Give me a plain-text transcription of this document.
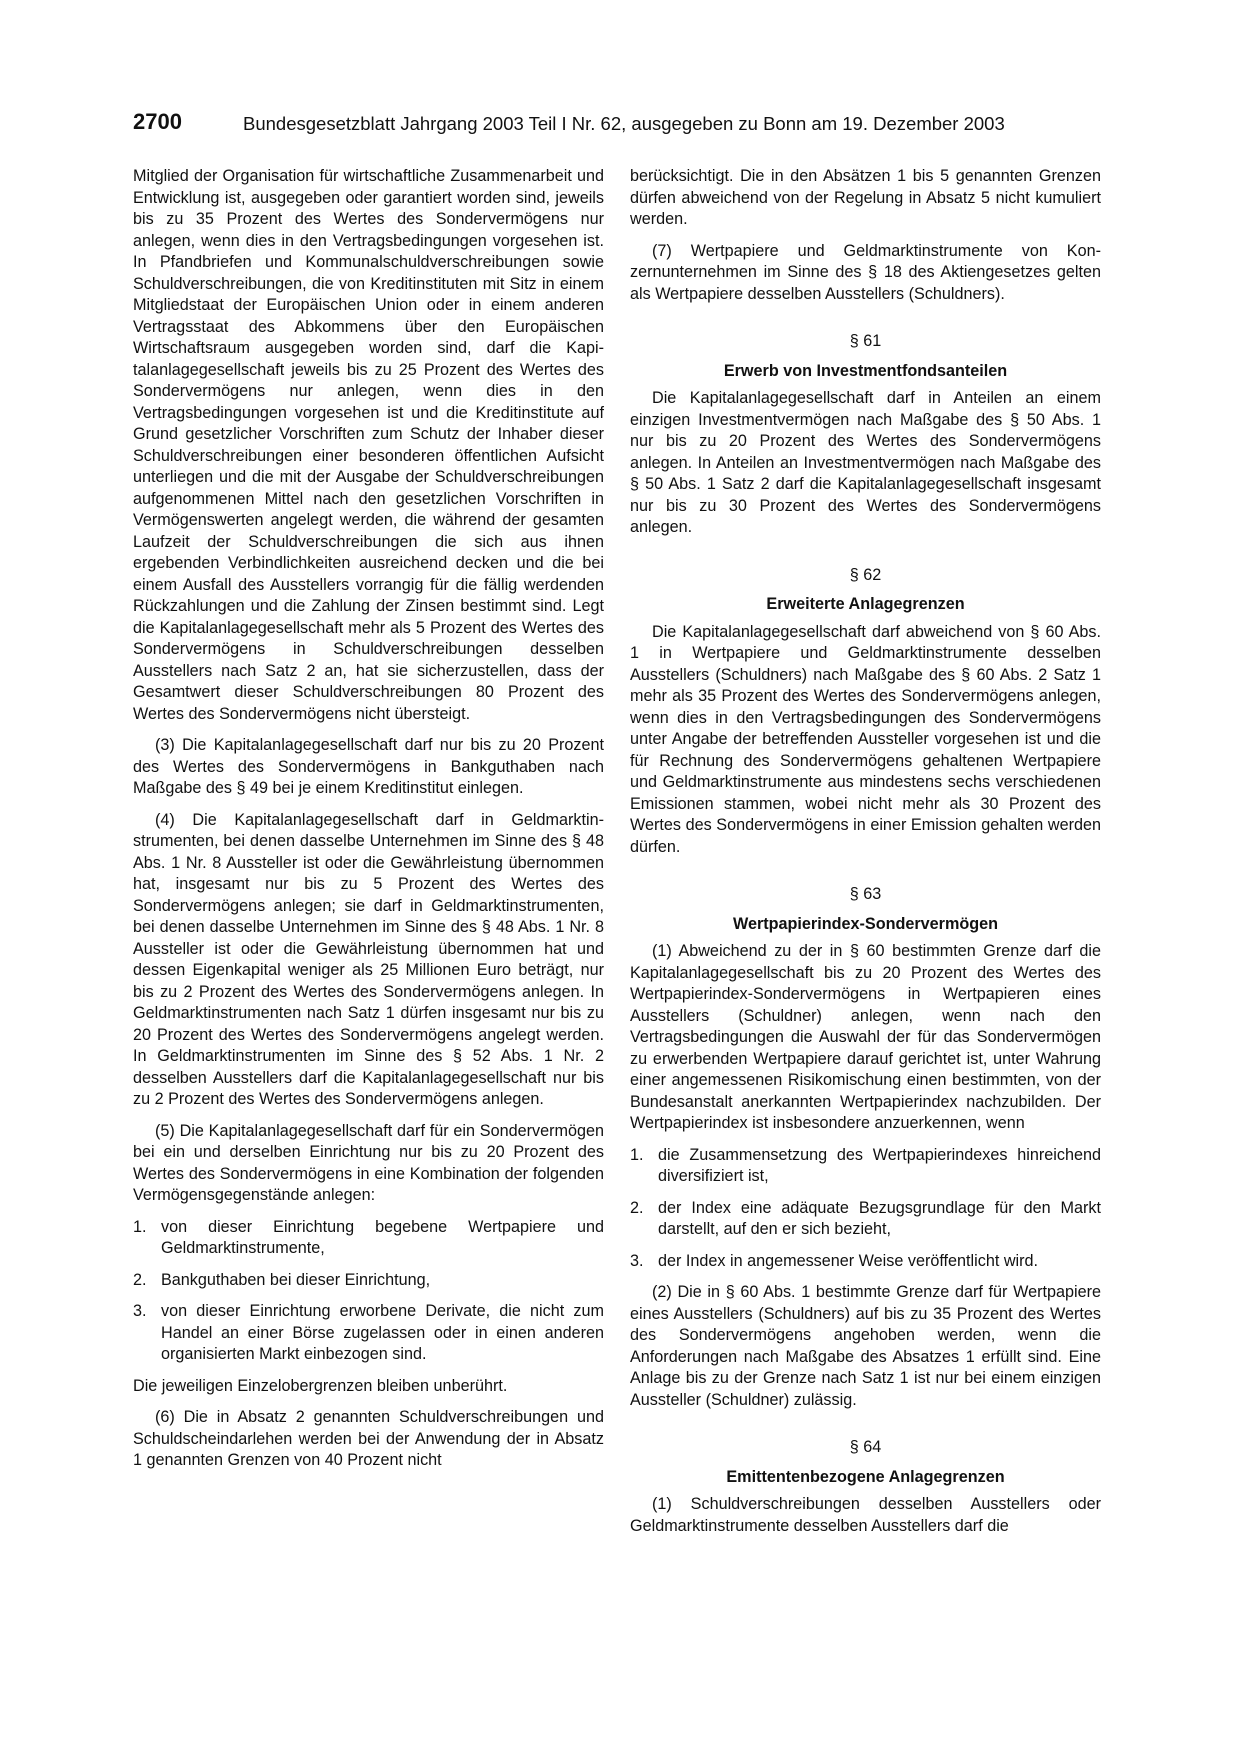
2700	Bundesgesetzblatt Jahrgang 2003 Teil I Nr. 62, ausgegeben zu Bonn am 19. Dezember 2003

Mitglied der Organisation für wirtschaftliche Zusammenarbeit und Entwicklung ist, ausgegeben oder garantiert worden sind, jeweils bis zu 35 Prozent des Wertes des Sondervermögens nur anlegen, wenn dies in den Vertragsbedingungen vorgesehen ist. In Pfandbriefen und Kommunalschuldverschreibungen sowie Schuldverschreibungen, die von Kreditinstituten mit Sitz in einem Mitgliedstaat der Europäischen Union oder in einem anderen Vertragsstaat des Abkommens über den Europäischen Wirtschaftsraum ausgegeben worden sind, darf die Kapitalanlagegesellschaft jeweils bis zu 25 Prozent des Wertes des Sondervermögens nur anlegen, wenn dies in den Vertragsbedingungen vorgesehen ist und die Kreditinstitute auf Grund gesetzlicher Vorschriften zum Schutz der Inhaber dieser Schuldverschreibungen einer besonderen öffentlichen Aufsicht unterliegen und die mit der Ausgabe der Schuldverschreibungen aufgenommenen Mittel nach den gesetzlichen Vorschriften in Vermögenswerten angelegt werden, die während der gesamten Laufzeit der Schuldverschreibungen die sich aus ihnen ergebenden Verbindlichkeiten ausreichend decken und die bei einem Ausfall des Ausstellers vorrangig für die fällig werdenden Rückzahlungen und die Zahlung der Zinsen bestimmt sind. Legt die Kapitalanlagegesellschaft mehr als 5 Prozent des Wertes des Sondervermögens in Schuldverschreibungen desselben Ausstellers nach Satz 2 an, hat sie sicherzustellen, dass der Gesamtwert dieser Schuldverschreibungen 80 Prozent des Wertes des Sondervermögens nicht übersteigt.

(3) Die Kapitalanlagegesellschaft darf nur bis zu 20 Prozent des Wertes des Sondervermögens in Bankguthaben nach Maßgabe des § 49 bei je einem Kreditinstitut einlegen.

(4) Die Kapitalanlagegesellschaft darf in Geldmarktinstrumenten, bei denen dasselbe Unternehmen im Sinne des § 48 Abs. 1 Nr. 8 Aussteller ist oder die Gewährleistung übernommen hat, insgesamt nur bis zu 5 Prozent des Wertes des Sondervermögens anlegen; sie darf in Geldmarktinstrumenten, bei denen dasselbe Unternehmen im Sinne des § 48 Abs. 1 Nr. 8 Aussteller ist oder die Gewährleistung übernommen hat und dessen Eigenkapital weniger als 25 Millionen Euro beträgt, nur bis zu 2 Prozent des Wertes des Sondervermögens anlegen. In Geldmarktinstrumenten nach Satz 1 dürfen insgesamt nur bis zu 20 Prozent des Wertes des Sondervermögens angelegt werden. In Geldmarktinstrumenten im Sinne des § 52 Abs. 1 Nr. 2 desselben Ausstellers darf die Kapitalanlagegesellschaft nur bis zu 2 Prozent des Wertes des Sondervermögens anlegen.

(5) Die Kapitalanlagegesellschaft darf für ein Sondervermögen bei ein und derselben Einrichtung nur bis zu 20 Prozent des Wertes des Sondervermögens in eine Kombination der folgenden Vermögensgegenstände anlegen:

1. von dieser Einrichtung begebene Wertpapiere und Geldmarktinstrumente,
2. Bankguthaben bei dieser Einrichtung,
3. von dieser Einrichtung erworbene Derivate, die nicht zum Handel an einer Börse zugelassen oder in einen anderen organisierten Markt einbezogen sind.

Die jeweiligen Einzelobergrenzen bleiben unberührt.

(6) Die in Absatz 2 genannten Schuldverschreibungen und Schuldscheindarlehen werden bei der Anwendung der in Absatz 1 genannten Grenzen von 40 Prozent nicht

berücksichtigt. Die in den Absätzen 1 bis 5 genannten Grenzen dürfen abweichend von der Regelung in Absatz 5 nicht kumuliert werden.

(7) Wertpapiere und Geldmarktinstrumente von Konzernunternehmen im Sinne des § 18 des Aktiengesetzes gelten als Wertpapiere desselben Ausstellers (Schuldners).

§ 61
Erwerb von Investmentfondsanteilen

Die Kapitalanlagegesellschaft darf in Anteilen an einem einzigen Investmentvermögen nach Maßgabe des § 50 Abs. 1 nur bis zu 20 Prozent des Wertes des Sondervermögens anlegen. In Anteilen an Investmentvermögen nach Maßgabe des § 50 Abs. 1 Satz 2 darf die Kapitalanlagegesellschaft insgesamt nur bis zu 30 Prozent des Wertes des Sondervermögens anlegen.

§ 62
Erweiterte Anlagegrenzen

Die Kapitalanlagegesellschaft darf abweichend von § 60 Abs. 1 in Wertpapiere und Geldmarktinstrumente desselben Ausstellers (Schuldners) nach Maßgabe des § 60 Abs. 2 Satz 1 mehr als 35 Prozent des Wertes des Sondervermögens anlegen, wenn dies in den Vertragsbedingungen des Sondervermögens unter Angabe der betreffenden Aussteller vorgesehen ist und die für Rechnung des Sondervermögens gehaltenen Wertpapiere und Geldmarktinstrumente aus mindestens sechs verschiedenen Emissionen stammen, wobei nicht mehr als 30 Prozent des Wertes des Sondervermögens in einer Emission gehalten werden dürfen.

§ 63
Wertpapierindex-Sondervermögen

(1) Abweichend zu der in § 60 bestimmten Grenze darf die Kapitalanlagegesellschaft bis zu 20 Prozent des Wertes des Wertpapierindex-Sondervermögens in Wertpapieren eines Ausstellers (Schuldner) anlegen, wenn nach den Vertragsbedingungen die Auswahl der für das Sondervermögen zu erwerbenden Wertpapiere darauf gerichtet ist, unter Wahrung einer angemessenen Risikomischung einen bestimmten, von der Bundesanstalt anerkannten Wertpapierindex nachzubilden. Der Wertpapierindex ist insbesondere anzuerkennen, wenn

1. die Zusammensetzung des Wertpapierindexes hinreichend diversifiziert ist,
2. der Index eine adäquate Bezugsgrundlage für den Markt darstellt, auf den er sich bezieht,
3. der Index in angemessener Weise veröffentlicht wird.

(2) Die in § 60 Abs. 1 bestimmte Grenze darf für Wertpapiere eines Ausstellers (Schuldners) auf bis zu 35 Prozent des Wertes des Sondervermögens angehoben werden, wenn die Anforderungen nach Maßgabe des Absatzes 1 erfüllt sind. Eine Anlage bis zu der Grenze nach Satz 1 ist nur bei einem einzigen Aussteller (Schuldner) zulässig.

§ 64
Emittentenbezogene Anlagegrenzen

(1) Schuldverschreibungen desselben Ausstellers oder Geldmarktinstrumente desselben Ausstellers darf die
